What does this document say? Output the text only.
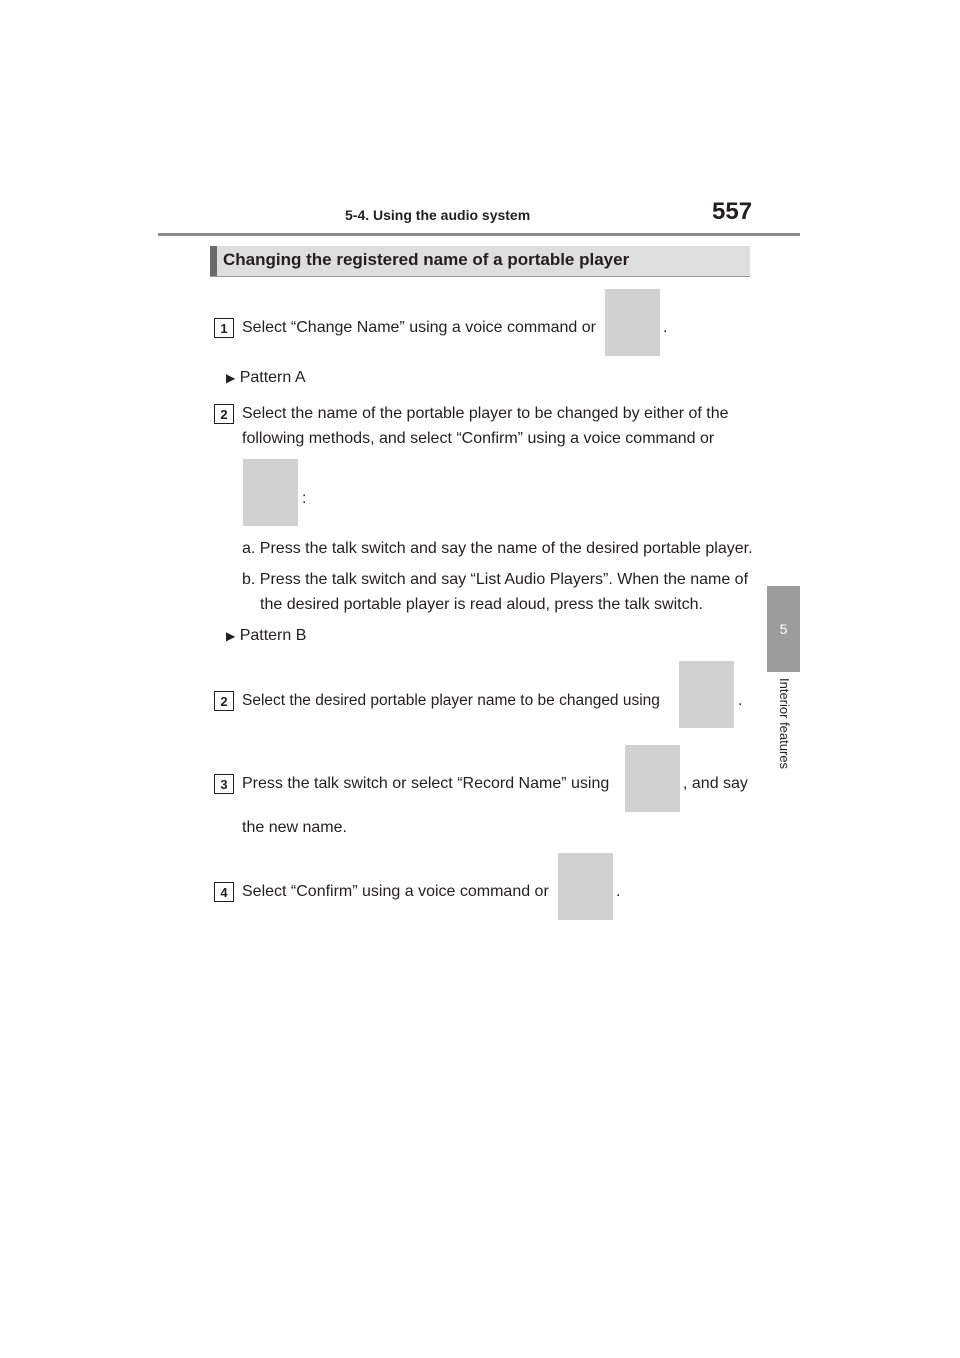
5-4. Using the audio system	557
5
Interior features
Changing the registered name of a portable player
1 Select “Change Name” using a voice command or	.
▶ Pattern A
2 Select the name of the portable player to be changed by either of the
following methods, and select “Confirm” using a voice command or
:
a. Press the talk switch and say the name of the desired portable player.
b. Press the talk switch and say “List Audio Players”. When the name of
the desired portable player is read aloud, press the talk switch.
▶ Pattern B
2 Select the desired portable player name to be changed using	.
3 Press the talk switch or select “Record Name” using	, and say
the new name.
4 Select “Confirm” using a voice command or	.
